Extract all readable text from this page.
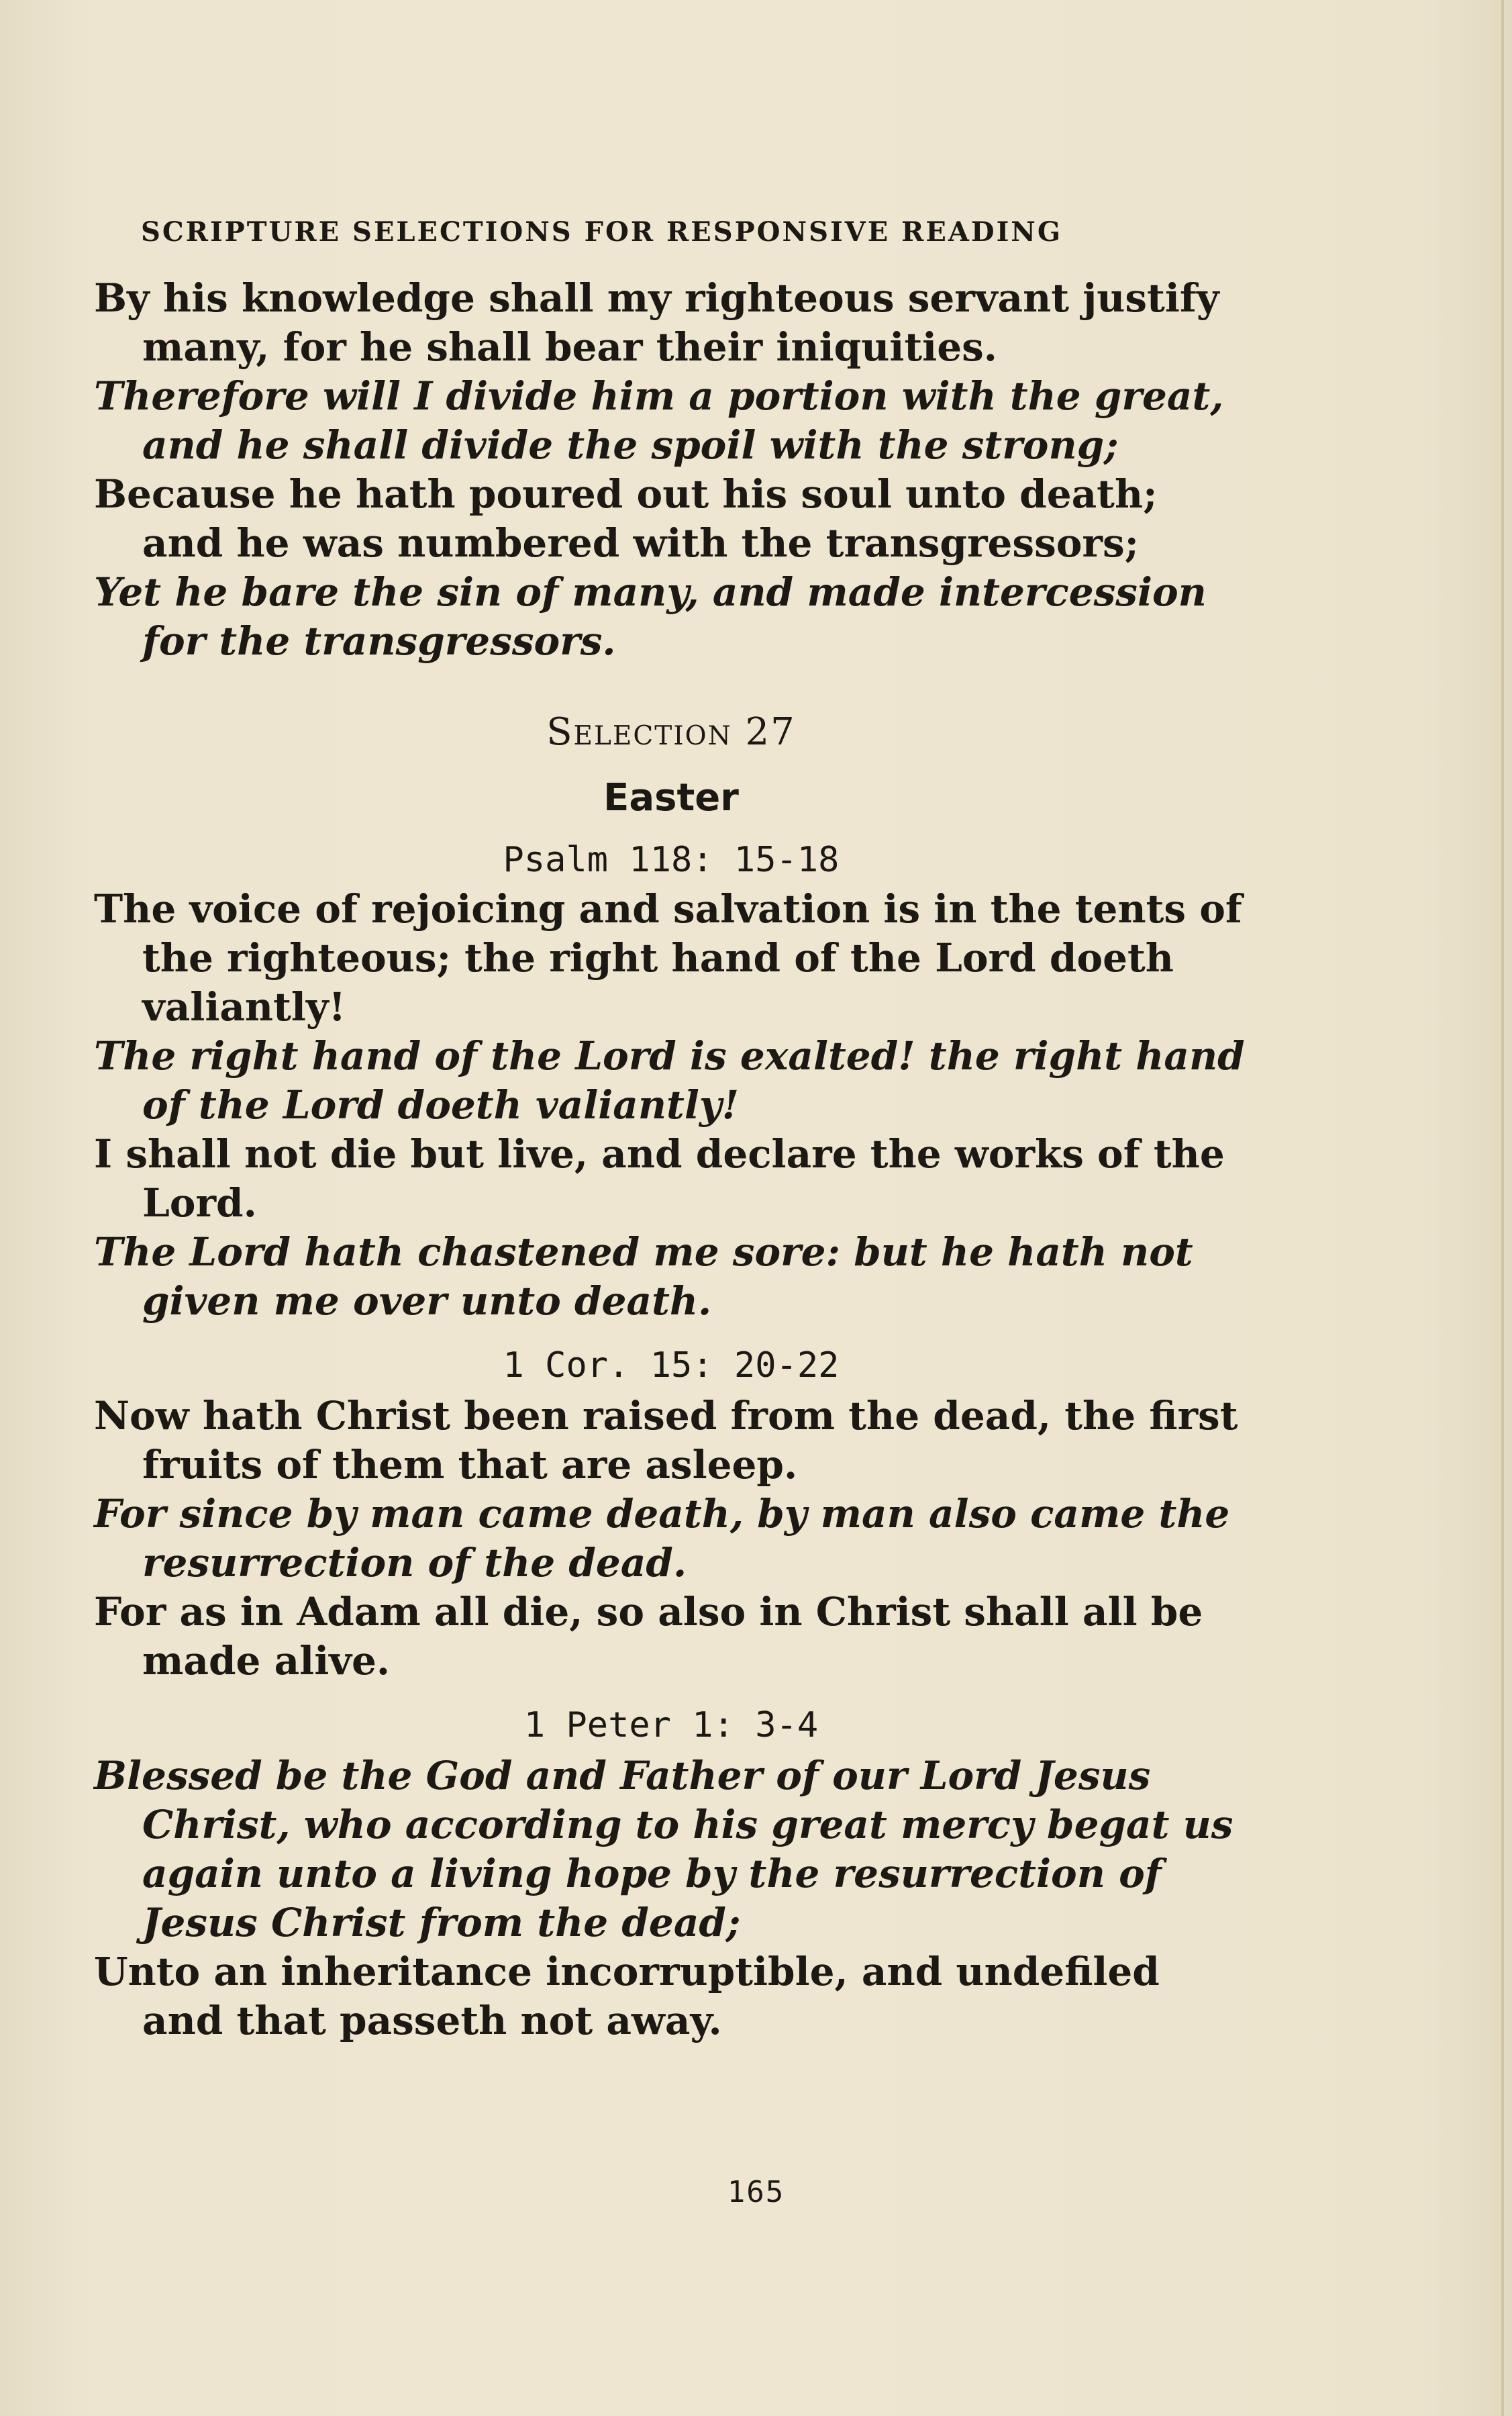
SCRIPTURE SELECTIONS FOR RESPONSIVE READING

By his knowledge shall my righteous servant justify many, for he shall bear their iniquities.

Therefore will I divide him a portion with the great, and he shall divide the spoil with the strong;

Because he hath poured out his soul unto death; and he was numbered with the transgressors;

Yet he bare the sin of many, and made intercession for the transgressors.

Selection 27
Easter
Psalm 118: 15-18

The voice of rejoicing and salvation is in the tents of the righteous; the right hand of the Lord doeth valiantly!

The right hand of the Lord is exalted! the right hand of the Lord doeth valiantly!

I shall not die but live, and declare the works of the Lord.

The Lord hath chastened me sore: but he hath not given me over unto death.

1 Cor. 15: 20-22

Now hath Christ been raised from the dead, the first fruits of them that are asleep.

For since by man came death, by man also came the resurrection of the dead.

For as in Adam all die, so also in Christ shall all be made alive.

1 Peter 1: 3-4

Blessed be the God and Father of our Lord Jesus Christ, who according to his great mercy begat us again unto a living hope by the resurrection of Jesus Christ from the dead;

Unto an inheritance incorruptible, and undefiled and that passeth not away.

165
